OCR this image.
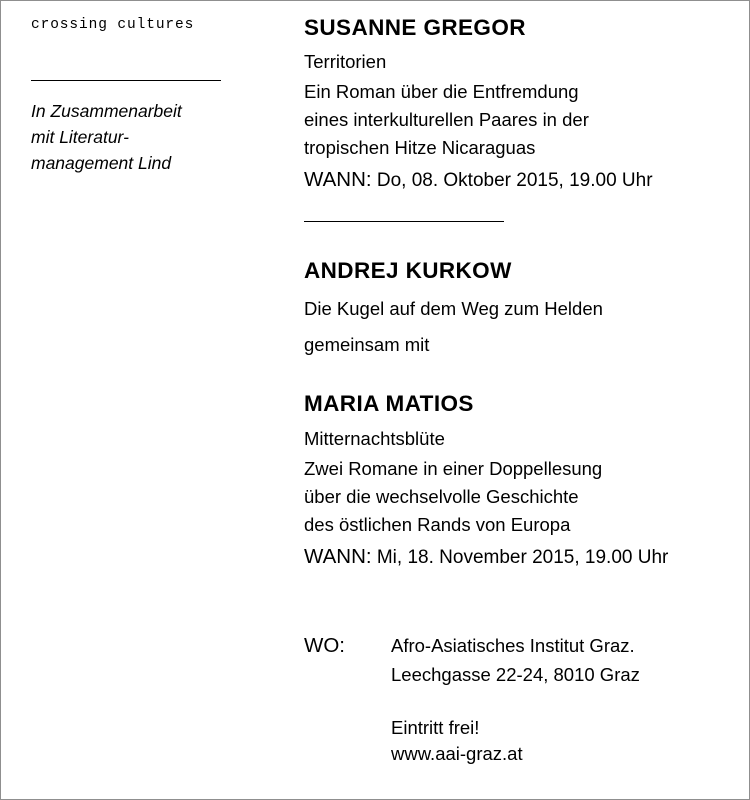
crossing cultures
In Zusammenarbeit
mit Literatur-
management Lind
SUSANNE GREGOR
Territorien
Ein Roman über die Entfremdung
eines interkulturellen Paares in der
tropischen Hitze Nicaraguas
WANN: Do, 08. Oktober 2015, 19.00 Uhr
ANDREJ KURKOW
Die Kugel auf dem Weg zum Helden
gemeinsam mit
MARIA MATIOS
Mitternachtsblüte
Zwei Romane in einer Doppellesung
über die wechselvolle Geschichte
des östlichen Rands von Europa
WANN: Mi, 18. November 2015, 19.00 Uhr
WO:	Afro-Asiatisches Institut Graz.
Leechgasse 22-24, 8010 Graz
Eintritt frei!
www.aai-graz.at
